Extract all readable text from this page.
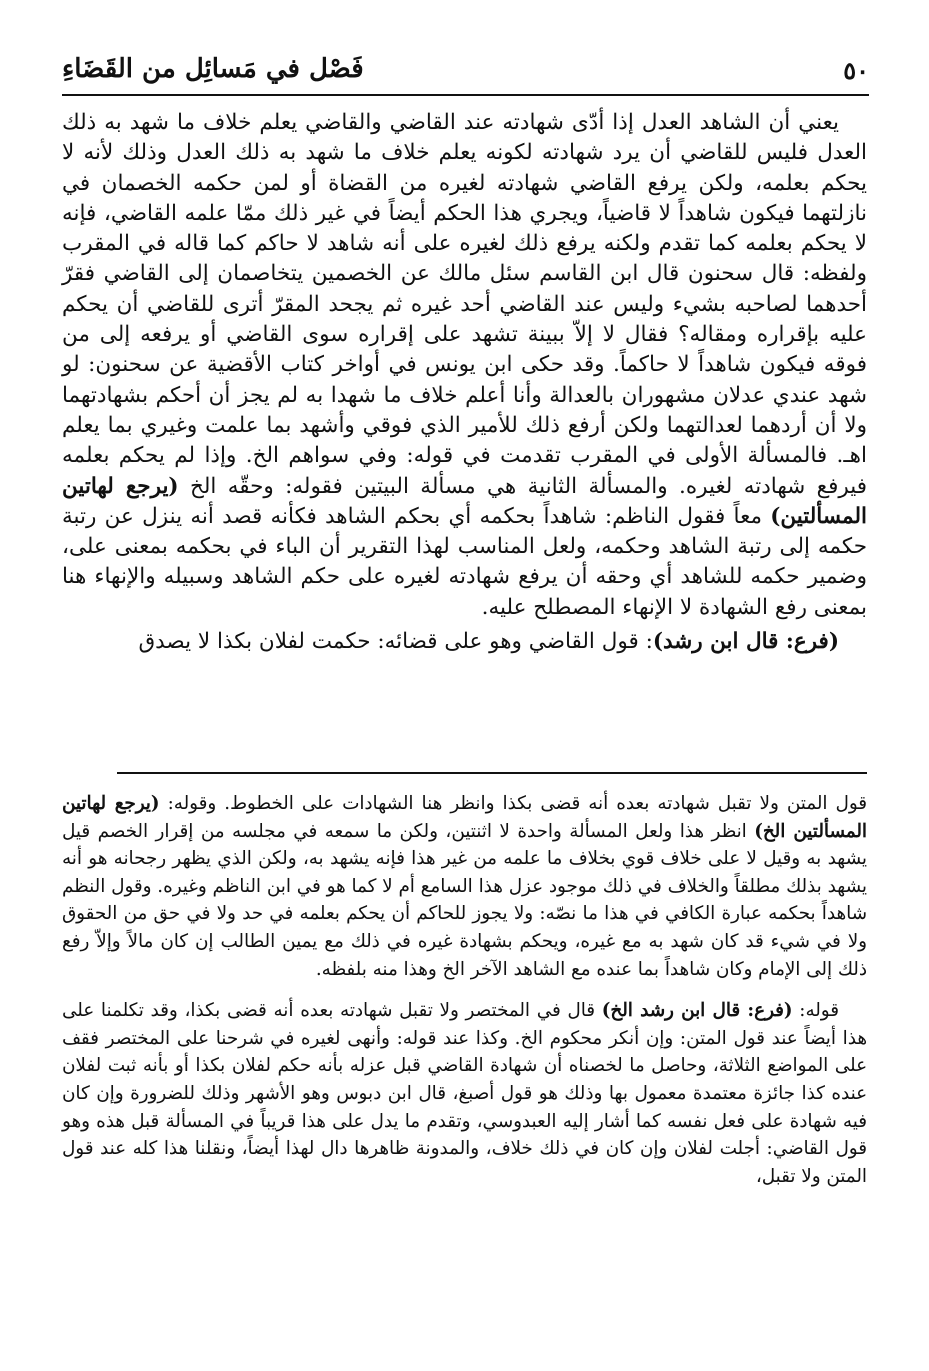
٥٠
فَصْل في مَسائِل من القَضَاءِ

يعني أن الشاهد العدل إذا أدّى شهادته عند القاضي والقاضي يعلم خلاف ما شهد به ذلك العدل فليس للقاضي أن يرد شهادته لكونه يعلم خلاف ما شهد به ذلك العدل وذلك لأنه لا يحكم بعلمه، ولكن يرفع القاضي شهادته لغيره من القضاة أو لمن حكمه الخصمان في نازلتهما فيكون شاهداً لا قاضياً، ويجري هذا الحكم أيضاً في غير ذلك ممّا علمه القاضي، فإنه لا يحكم بعلمه كما تقدم ولكنه يرفع ذلك لغيره على أنه شاهد لا حاكم كما قاله في المقرب ولفظه: قال سحنون قال ابن القاسم سئل مالك عن الخصمين يتخاصمان إلى القاضي فقرّ أحدهما لصاحبه بشيء وليس عند القاضي أحد غيره ثم يجحد المقرّ أترى للقاضي أن يحكم عليه بإقراره ومقاله؟ فقال لا إلاّ ببينة تشهد على إقراره سوى القاضي أو يرفعه إلى من فوقه فيكون شاهداً لا حاكماً. وقد حكى ابن يونس في أواخر كتاب الأقضية عن سحنون: لو شهد عندي عدلان مشهوران بالعدالة وأنا أعلم خلاف ما شهدا به لم يجز أن أحكم بشهادتهما ولا أن أردهما لعدالتهما ولكن أرفع ذلك للأمير الذي فوقي وأشهد بما علمت وغيري بما يعلم اهـ. فالمسألة الأولى في المقرب تقدمت في قوله: وفي سواهم الخ. وإذا لم يحكم بعلمه فيرفع شهادته لغيره. والمسألة الثانية هي مسألة البيتين فقوله: وحقّه الخ (يرجع لهاتين المسألتين) معاً فقول الناظم: شاهداً بحكمه أي بحكم الشاهد فكأنه قصد أنه ينزل عن رتبة حكمه إلى رتبة الشاهد وحكمه، ولعل المناسب لهذا التقرير أن الباء في بحكمه بمعنى على، وضمير حكمه للشاهد أي وحقه أن يرفع شهادته لغيره على حكم الشاهد وسبيله والإنهاء هنا بمعنى رفع الشهادة لا الإنهاء المصطلح عليه.

(فرع: قال ابن رشد): قول القاضي وهو على قضائه: حكمت لفلان بكذا لا يصدق

قول المتن ولا تقبل شهادته بعده أنه قضى بكذا وانظر هنا الشهادات على الخطوط. وقوله: (يرجع لهاتين المسألتين الخ) انظر هذا ولعل المسألة واحدة لا اثنتين، ولكن ما سمعه في مجلسه من إقرار الخصم قيل يشهد به وقيل لا على خلاف قوي بخلاف ما علمه من غير هذا فإنه يشهد به، ولكن الذي يظهر رجحانه هو أنه يشهد بذلك مطلقاً والخلاف في ذلك موجود عزل هذا السامع أم لا كما هو في ابن الناظم وغيره. وقول النظم شاهداً بحكمه عبارة الكافي في هذا ما نصّه: ولا يجوز للحاكم أن يحكم بعلمه في حد ولا في حق من الحقوق ولا في شيء قد كان شهد به مع غيره، ويحكم بشهادة غيره في ذلك مع يمين الطالب إن كان مالاً وإلاّ رفع ذلك إلى الإمام وكان شاهداً بما عنده مع الشاهد الآخر الخ وهذا منه بلفظه.

قوله: (فرع: قال ابن رشد الخ) قال في المختصر ولا تقبل شهادته بعده أنه قضى بكذا، وقد تكلمنا على هذا أيضاً عند قول المتن: وإن أنكر محكوم الخ. وكذا عند قوله: وأنهى لغيره في شرحنا على المختصر فقف على المواضع الثلاثة، وحاصل ما لخصناه أن شهادة القاضي قبل عزله بأنه حكم لفلان بكذا أو بأنه ثبت لفلان عنده كذا جائزة معتمدة معمول بها وذلك هو قول أصبغ، قال ابن دبوس وهو الأشهر وذلك للضرورة وإن كان فيه شهادة على فعل نفسه كما أشار إليه العبدوسي، وتقدم ما يدل على هذا قريباً في المسألة قبل هذه وهو قول القاضي: أجلت لفلان وإن كان في ذلك خلاف، والمدونة ظاهرها دال لهذا أيضاً، ونقلنا هذا كله عند قول المتن ولا تقبل،
